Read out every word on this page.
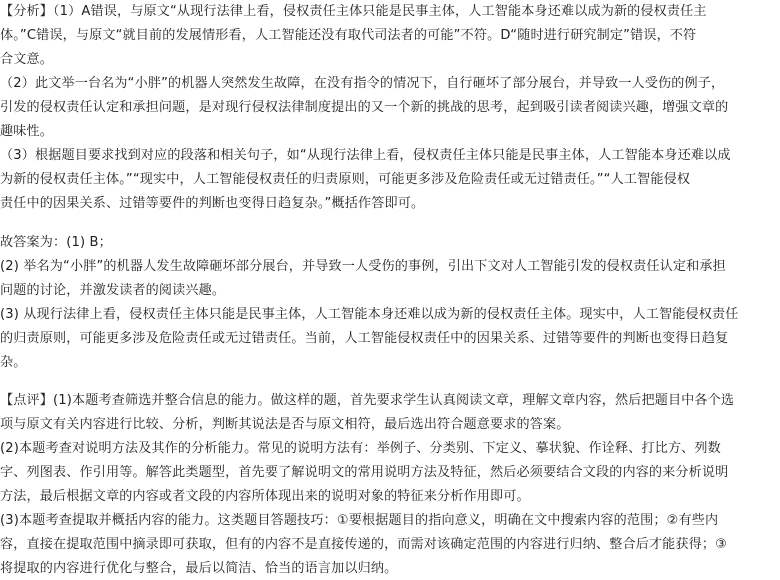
​
【分析】（1）A错误，与原文“从现行法律上看，侵权责任主体只能是民事主体，人工智能本身还难以成为新的侵权责任主
体。”C错误，与原文“就目前的发展情形看，人工智能还没有取代司法者的可能”不符。D“随时进行研究制定”错误，不符
合文意。
（2）此文举一台名为“小胖”的机器人突然发生故障，在没有指令的情况下，自行砸坏了部分展台，并导致一人受伤的例子，
引发的侵权责任认定和承担问题，是对现行侵权法律制度提出的又一个新的挑战的思考，起到吸引读者阅读兴趣，增强文章的
趣味性。
（3）根据题目要求找到对应的段落和相关句子，如“从现行法律上看，侵权责任主体只能是民事主体，人工智能本身还难以成
为新的侵权责任主体。”“现实中，人工智能侵权责任的归责原则，可能更多涉及危险责任或无过错责任。”“人工智能侵权
责任中的因果关系、过错等要件的判断也变得日趋复杂。”概括作答即可。
故答案为：(1) B；
(2) 举名为“小胖”的机器人发生故障砸坏部分展台，并导致一人受伤的事例，引出下文对人工智能引发的侵权责任认定和承担
问题的讨论，并激发读者的阅读兴趣。
(3) 从现行法律上看，侵权责任主体只能是民事主体，人工智能本身还难以成为新的侵权责任主体。现实中，人工智能侵权责任
的归责原则，可能更多涉及危险责任或无过错责任。当前，人工智能侵权责任中的因果关系、过错等要件的判断也变得日趋复
杂。
【点评】(1)本题考查筛选并整合信息的能力。做这样的题，首先要求学生认真阅读文章，理解文章内容，然后把题目中各个选
项与原文有关内容进行比较、分析，判断其说法是否与原文相符，最后选出符合题意要求的答案。
(2)本题考查对说明方法及其作的分析能力。常见的说明方法有：举例子、分类别、下定义、摹状貌、作诠释、打比方、列数
字、列图表、作引用等。解答此类题型，首先要了解说明文的常用说明方法及特征，然后必须要结合文段的内容的来分析说明
方法，最后根据文章的内容或者文段的内容所体现出来的说明对象的特征来分析作用即可。
(3)本题考查提取并概括内容的能力。这类题目答题技巧：①要根据题目的指向意义，明确在文中搜索内容的范围；②有些内
容，直接在提取范围中摘录即可获取，但有的内容不是直接传递的，而需对该确定范围的内容进行归纳、整合后才能获得；③
将提取的内容进行优化与整合，最后以简洁、恰当的语言加以归纳。
